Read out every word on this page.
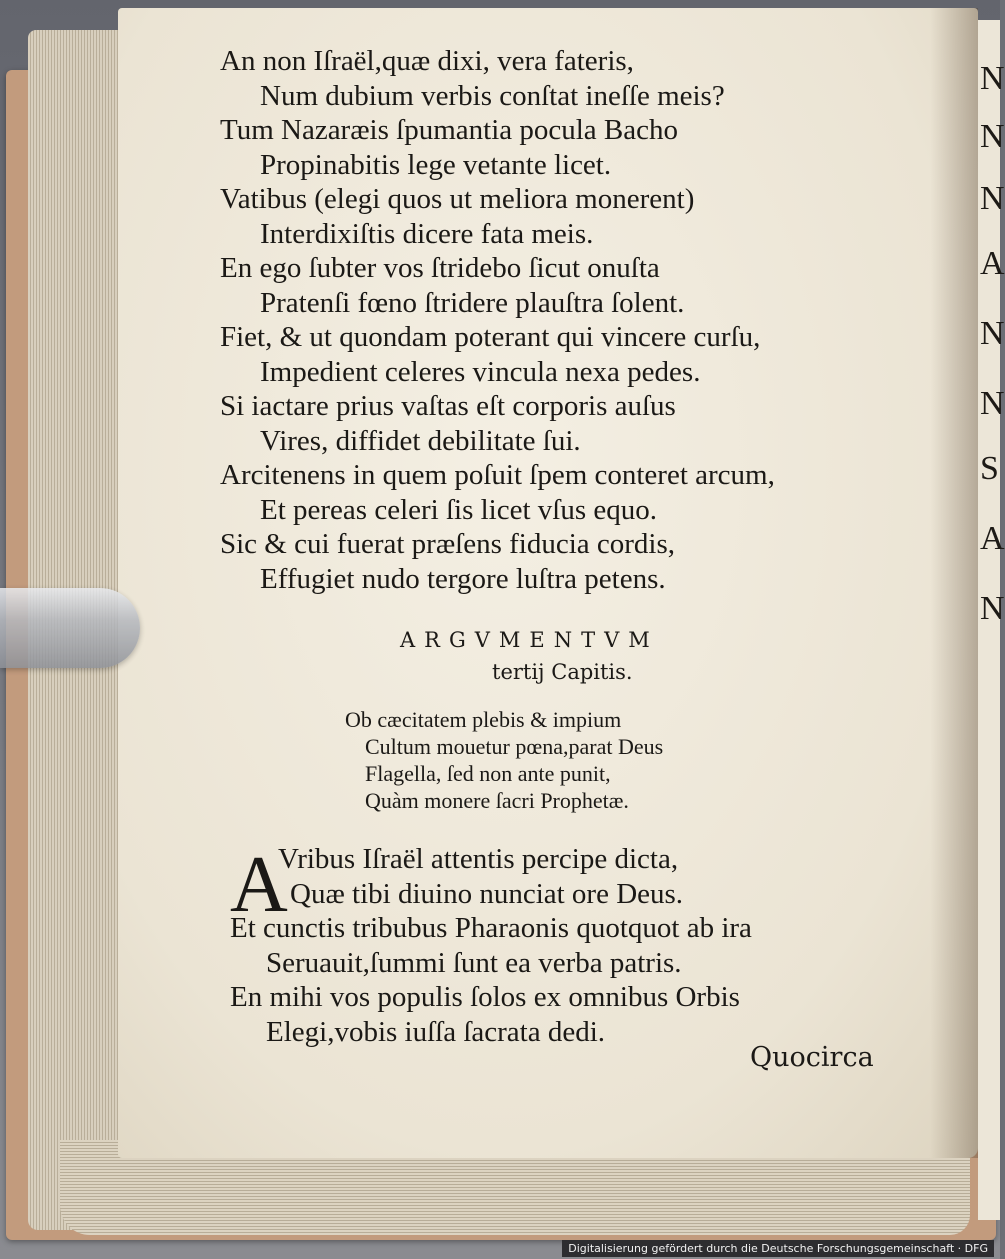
N
N
N
A
N
N
S
A
N
An non Iſraël,quæ dixi, vera fateris,
Num dubium verbis conſtat ineſſe meis?
Tum Nazaræis ſpumantia pocula Bacho
Propinabitis lege vetante licet.
Vatibus (elegi quos ut meliora monerent)
Interdixiſtis dicere fata meis.
En ego ſubter vos ſtridebo ſicut onuſta
Pratenſi fœno ſtridere plauſtra ſolent.
Fiet, & ut quondam poterant qui vincere curſu,
Impedient celeres vincula nexa pedes.
Si iactare prius vaſtas eſt corporis auſus
Vires, diffidet debilitate ſui.
Arcitenens in quem poſuit ſpem conteret arcum,
Et pereas celeri ſis licet vſus equo.
Sic & cui fuerat præſens fiducia cordis,
Effugiet nudo tergore luſtra petens.
ARGVMENTVM
tertij Capitis.
Ob cæcitatem plebis & impium
Cultum mouetur pœna,parat Deus
Flagella, ſed non ante punit,
Quàm monere ſacri Prophetæ.
A
Vribus Iſraël attentis percipe dicta,
Quæ tibi diuino nunciat ore Deus.
Et cunctis tribubus Pharaonis quotquot ab ira
Seruauit,ſummi ſunt ea verba patris.
En mihi vos populis ſolos ex omnibus Orbis
Elegi,vobis iuſſa ſacrata dedi.
Quocirca
Digitalisierung gefördert durch die Deutsche Forschungsgemeinschaft · DFG
